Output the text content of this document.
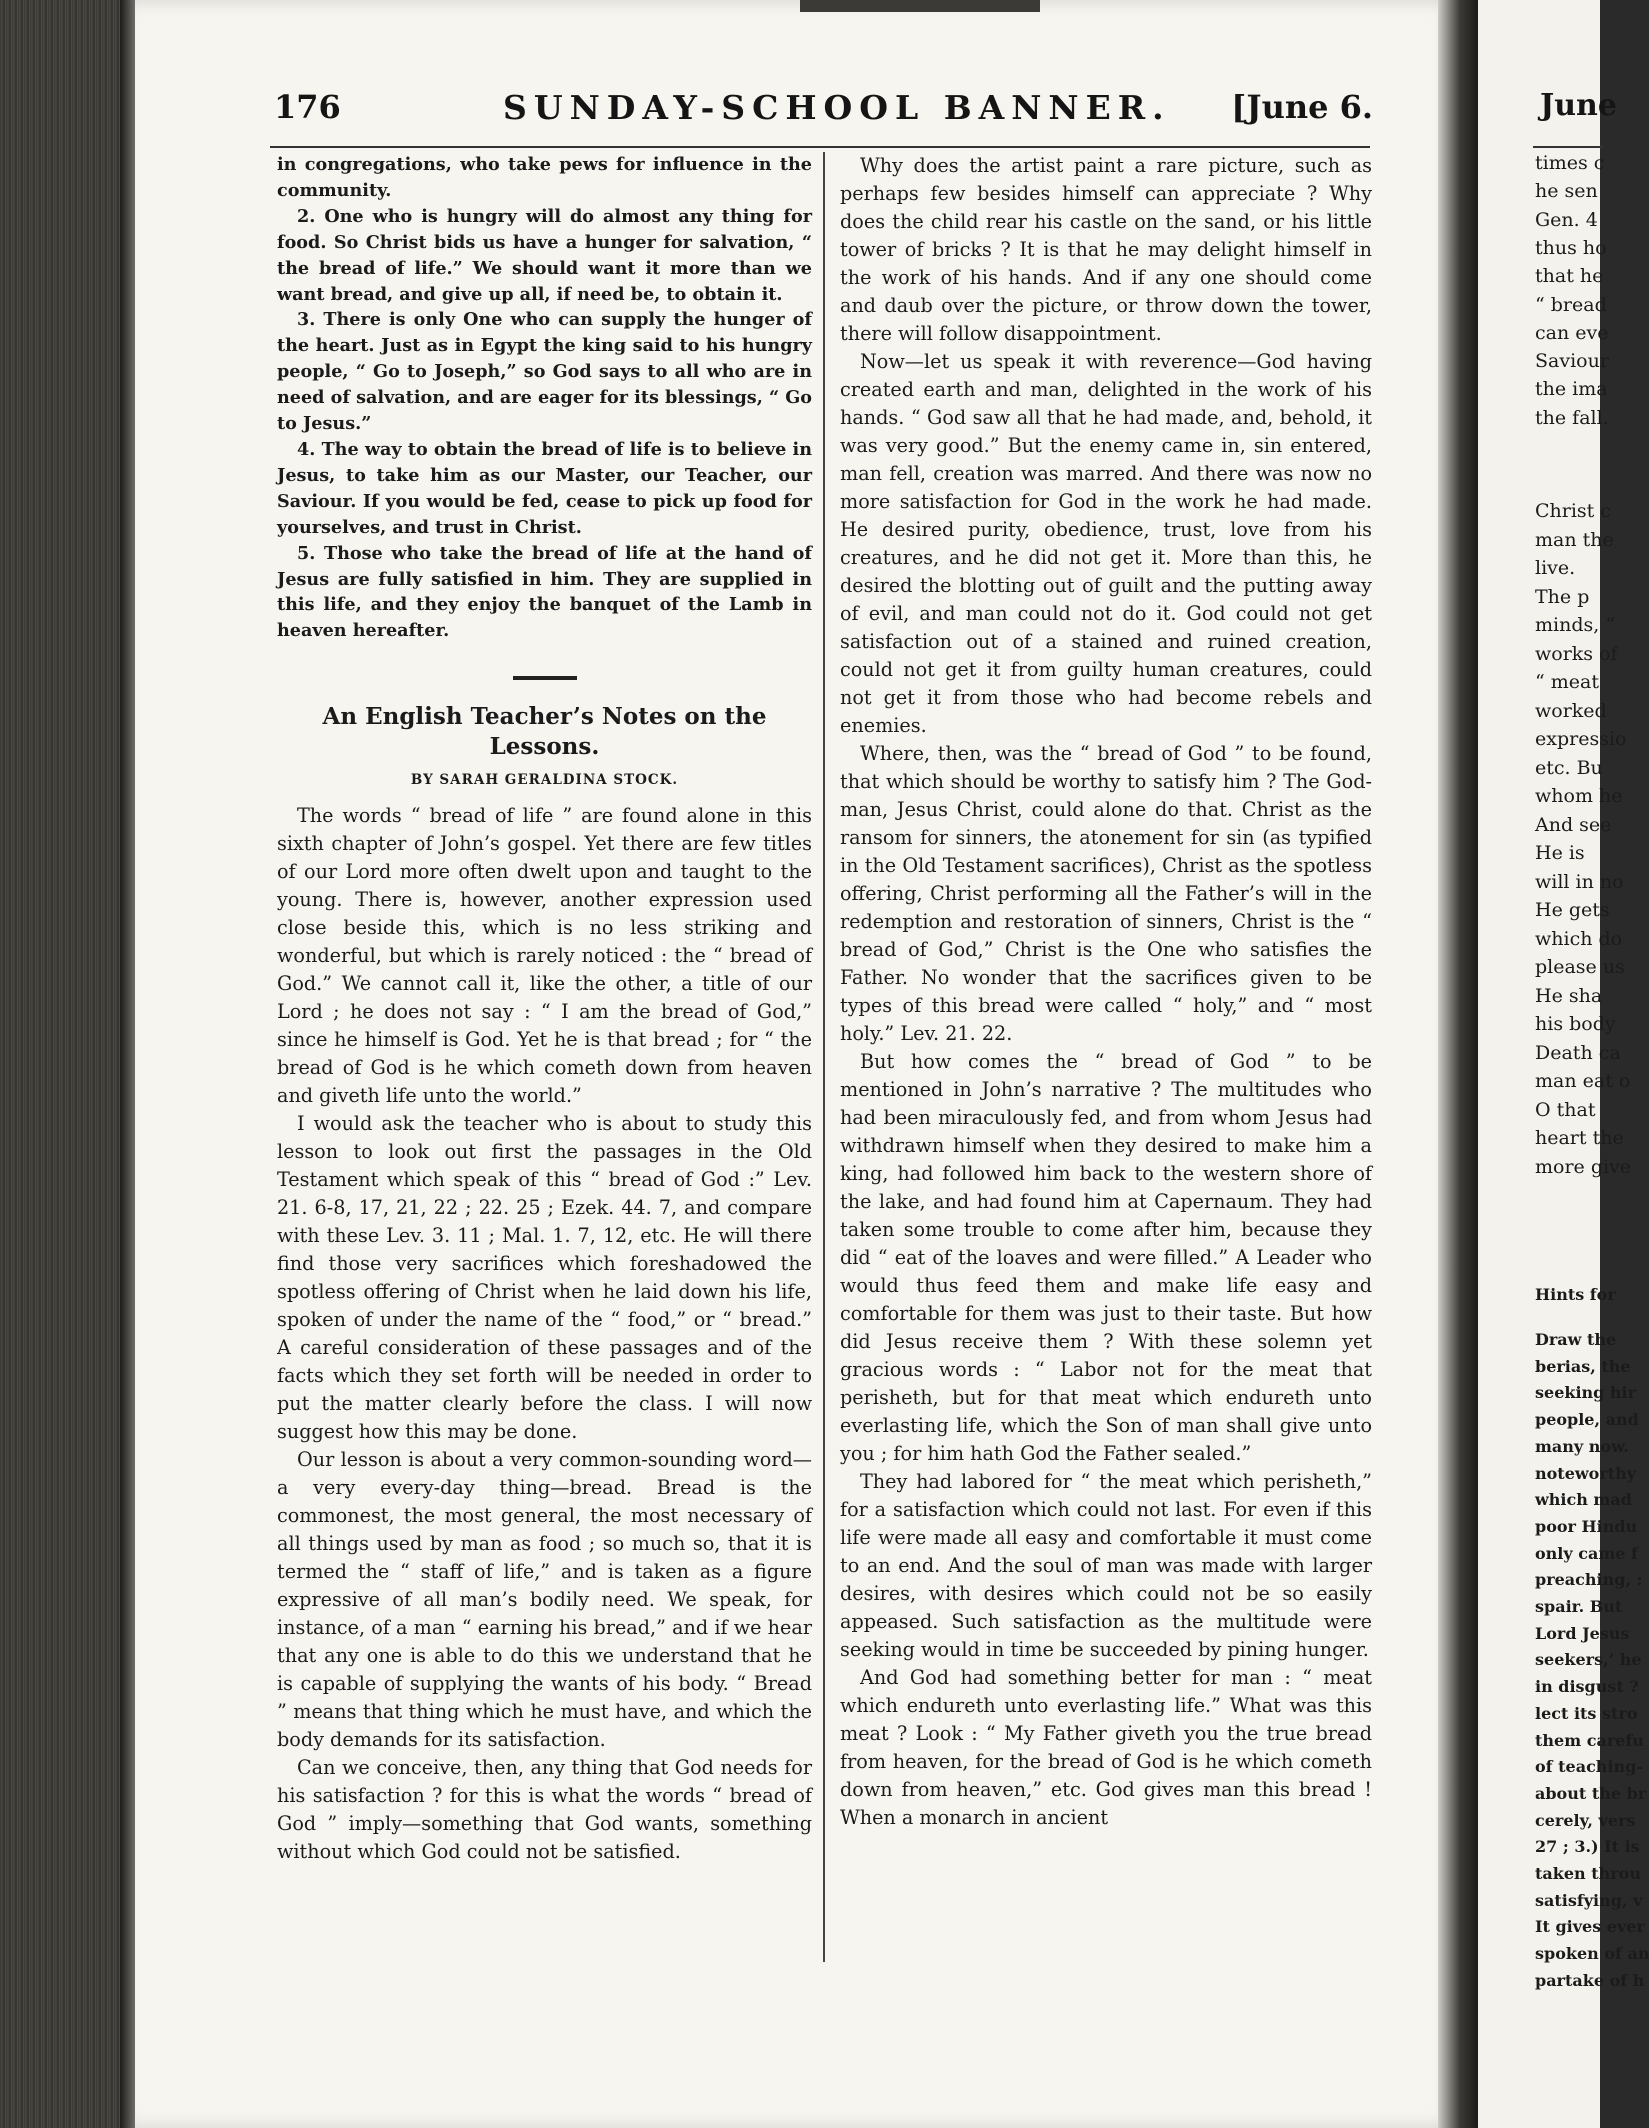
176	SUNDAY-SCHOOL BANNER. [June 6.

in congregations, who take pews for influence in the community.

2. One who is hungry will do almost any thing for food. So Christ bids us have a hunger for salvation, “ the bread of life.” We should want it more than we want bread, and give up all, if need be, to obtain it.

3. There is only One who can supply the hunger of the heart. Just as in Egypt the king said to his hungry people, “ Go to Joseph,” so God says to all who are in need of salvation, and are eager for its blessings, “ Go to Jesus.”

4. The way to obtain the bread of life is to believe in Jesus, to take him as our Master, our Teacher, our Saviour. If you would be fed, cease to pick up food for yourselves, and trust in Christ.

5. Those who take the bread of life at the hand of Jesus are fully satisfied in him. They are supplied in this life, and they enjoy the banquet of the Lamb in heaven hereafter.

An English Teacher’s Notes on the Lessons.
BY SARAH GERALDINA STOCK.

The words “ bread of life ” are found alone in this sixth chapter of John’s gospel. Yet there are few titles of our Lord more often dwelt upon and taught to the young. There is, however, another expression used close beside this, which is no less striking and wonderful, but which is rarely noticed : the “ bread of God.” We cannot call it, like the other, a title of our Lord ; he does not say : “ I am the bread of God,” since he himself is God. Yet he is that bread ; for “ the bread of God is he which cometh down from heaven and giveth life unto the world.”

I would ask the teacher who is about to study this lesson to look out first the passages in the Old Testament which speak of this “ bread of God :” Lev. 21. 6-8, 17, 21, 22 ; 22. 25 ; Ezek. 44. 7, and compare with these Lev. 3. 11 ; Mal. 1. 7, 12, etc. He will there find those very sacrifices which foreshadowed the spotless offering of Christ when he laid down his life, spoken of under the name of the “ food,” or “ bread.” A careful consideration of these passages and of the facts which they set forth will be needed in order to put the matter clearly before the class. I will now suggest how this may be done.

Our lesson is about a very common-sounding word—a very every-day thing—bread. Bread is the commonest, the most general, the most necessary of all things used by man as food ; so much so, that it is termed the “ staff of life,” and is taken as a figure expressive of all man’s bodily need. We speak, for instance, of a man “ earning his bread,” and if we hear that any one is able to do this we understand that he is capable of supplying the wants of his body. “ Bread ” means that thing which he must have, and which the body demands for its satisfaction.

Can we conceive, then, any thing that God needs for his satisfaction ? for this is what the words “ bread of God ” imply—something that God wants, something without which God could not be satisfied.

Why does the artist paint a rare picture, such as perhaps few besides himself can appreciate ? Why does the child rear his castle on the sand, or his little tower of bricks ? It is that he may delight himself in the work of his hands. And if any one should come and daub over the picture, or throw down the tower, there will follow disappointment.

Now—let us speak it with reverence—God having created earth and man, delighted in the work of his hands. “ God saw all that he had made, and, behold, it was very good.” But the enemy came in, sin entered, man fell, creation was marred. And there was now no more satisfaction for God in the work he had made. He desired purity, obedience, trust, love from his creatures, and he did not get it. More than this, he desired the blotting out of guilt and the putting away of evil, and man could not do it. God could not get satisfaction out of a stained and ruined creation, could not get it from guilty human creatures, could not get it from those who had become rebels and enemies.

Where, then, was the “ bread of God ” to be found, that which should be worthy to satisfy him ? The God-man, Jesus Christ, could alone do that. Christ as the ransom for sinners, the atonement for sin (as typified in the Old Testament sacrifices), Christ as the spotless offering, Christ performing all the Father’s will in the redemption and restoration of sinners, Christ is the “ bread of God,” Christ is the One who satisfies the Father. No wonder that the sacrifices given to be types of this bread were called “ holy,” and “ most holy.” Lev. 21. 22.

But how comes the “ bread of God ” to be mentioned in John’s narrative ? The multitudes who had been miraculously fed, and from whom Jesus had withdrawn himself when they desired to make him a king, had followed him back to the western shore of the lake, and had found him at Capernaum. They had taken some trouble to come after him, because they did “ eat of the loaves and were filled.” A Leader who would thus feed them and make life easy and comfortable for them was just to their taste. But how did Jesus receive them ? With these solemn yet gracious words : “ Labor not for the meat that perisheth, but for that meat which endureth unto everlasting life, which the Son of man shall give unto you ; for him hath God the Father sealed.”

They had labored for “ the meat which perisheth,” for a satisfaction which could not last. For even if this life were made all easy and comfortable it must come to an end. And the soul of man was made with larger desires, with desires which could not be so easily appeased. Such satisfaction as the multitude were seeking would in time be succeeded by pining hunger.

And God had something better for man : “ meat which endureth unto everlasting life.” What was this meat ? Look : “ My Father giveth you the true bread from heaven, for the bread of God is he which cometh down from heaven,” etc. God gives man this bread ! When a monarch in ancient

June
times c
he sen
Gen. 4
thus ho
that he
“ bread
can eve
Saviour
the ima
the fall.
Christ c
man the
live.
The p
minds, “
works of
“ meat
worked
expressio
etc. Bu
whom he
And see
He is
will in no
He gets
which do
please us
He sha
his body
Death ca
man eat o
O that
heart the
more give
Hints for
Draw the
berias, the
seeking hir
people, and
many now.
noteworthy
which mad
poor Hindu
only came f
preaching, :
spair. But
Lord Jesus
seekers,’ he
in disgust ?
lect its stro
them carefu
of teaching-
about the br
cerely, vers
27 ; 3.) It is
taken throu
satisfying, v
It gives ever
spoken of an
partake of h
